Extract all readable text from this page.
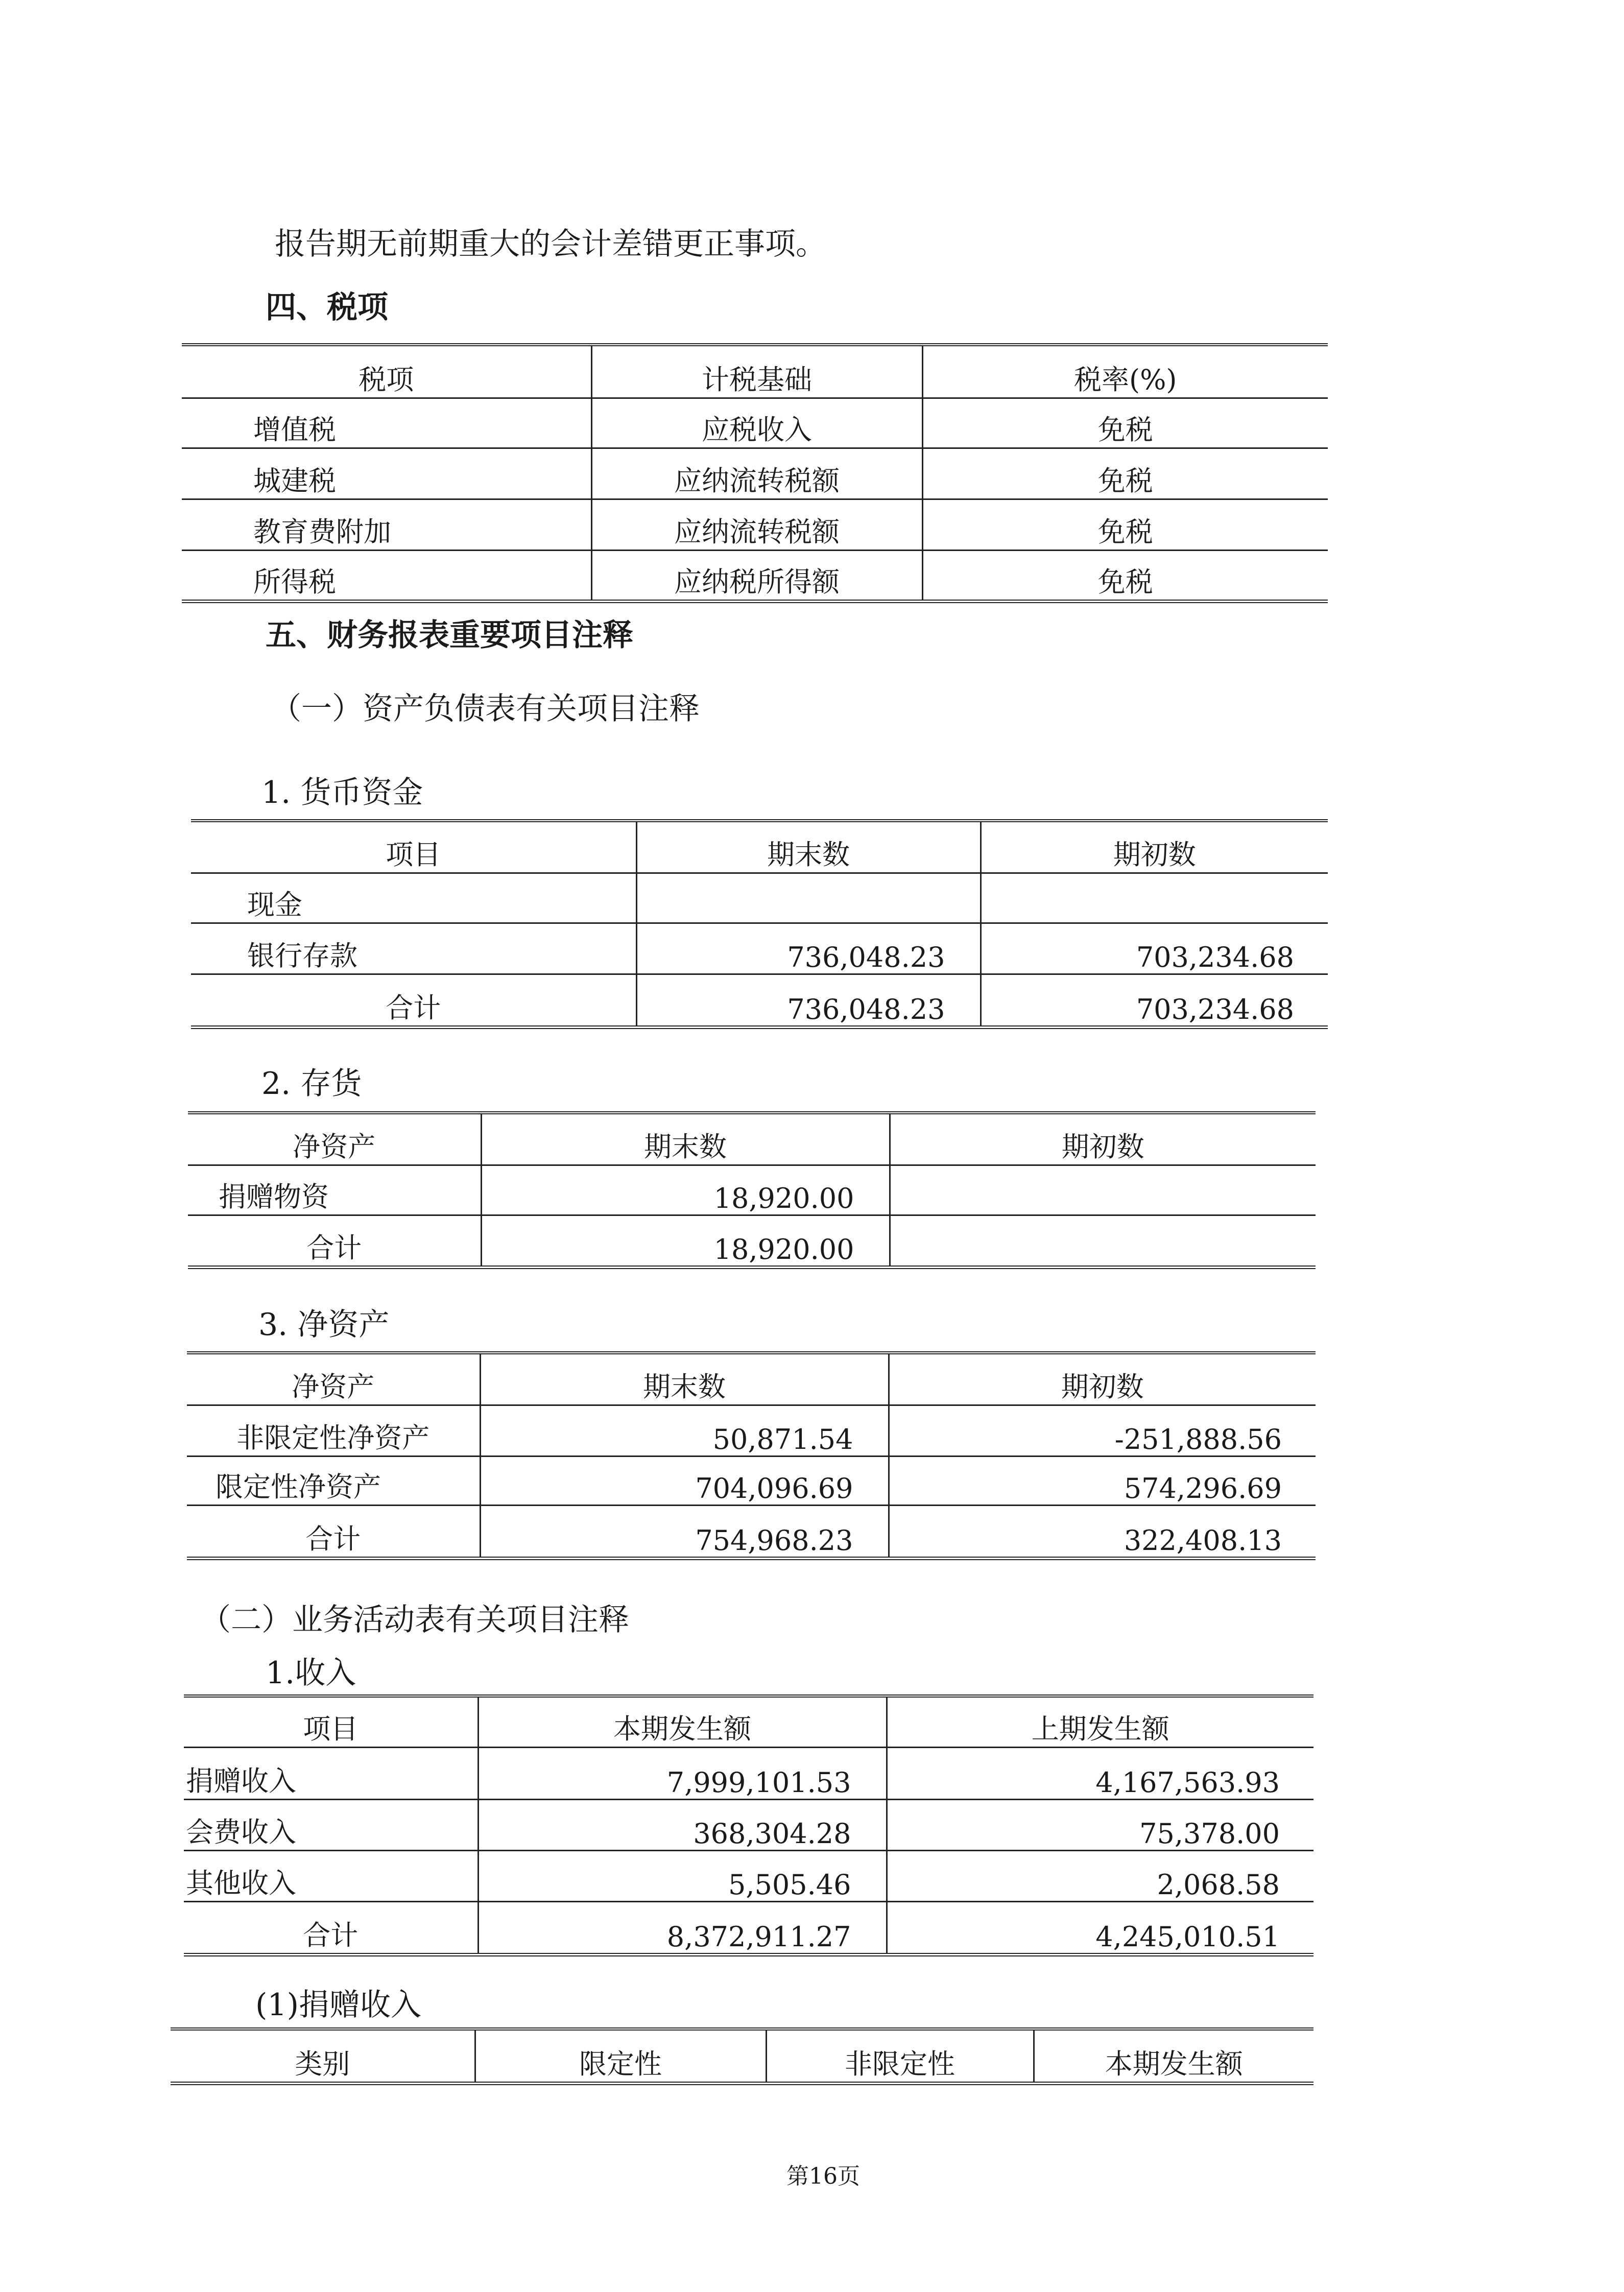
报告期无前期重大的会计差错更正事项。
四、税项
税项	计税基础	税率(%)
增值税	应税收入	免税
城建税	应纳流转税额	免税
教育费附加	应纳流转税额	免税
所得税	应纳税所得额	免税
五、财务报表重要项目注释
（一）资产负债表有关项目注释
1. 货币资金
项目	期末数	期初数
现金		
银行存款	736,048.23	703,234.68
合计	736,048.23	703,234.68
2. 存货
净资产	期末数	期初数
捐赠物资	18,920.00	
合计	18,920.00	
3. 净资产
净资产	期末数	期初数
非限定性净资产	50,871.54	-251,888.56
限定性净资产	704,096.69	574,296.69
合计	754,968.23	322,408.13
（二）业务活动表有关项目注释
1.收入
项目	本期发生额	上期发生额
捐赠收入	7,999,101.53	4,167,563.93
会费收入	368,304.28	75,378.00
其他收入	5,505.46	2,068.58
合计	8,372,911.27	4,245,010.51
(1)捐赠收入
类别	限定性	非限定性	本期发生额
第16页
